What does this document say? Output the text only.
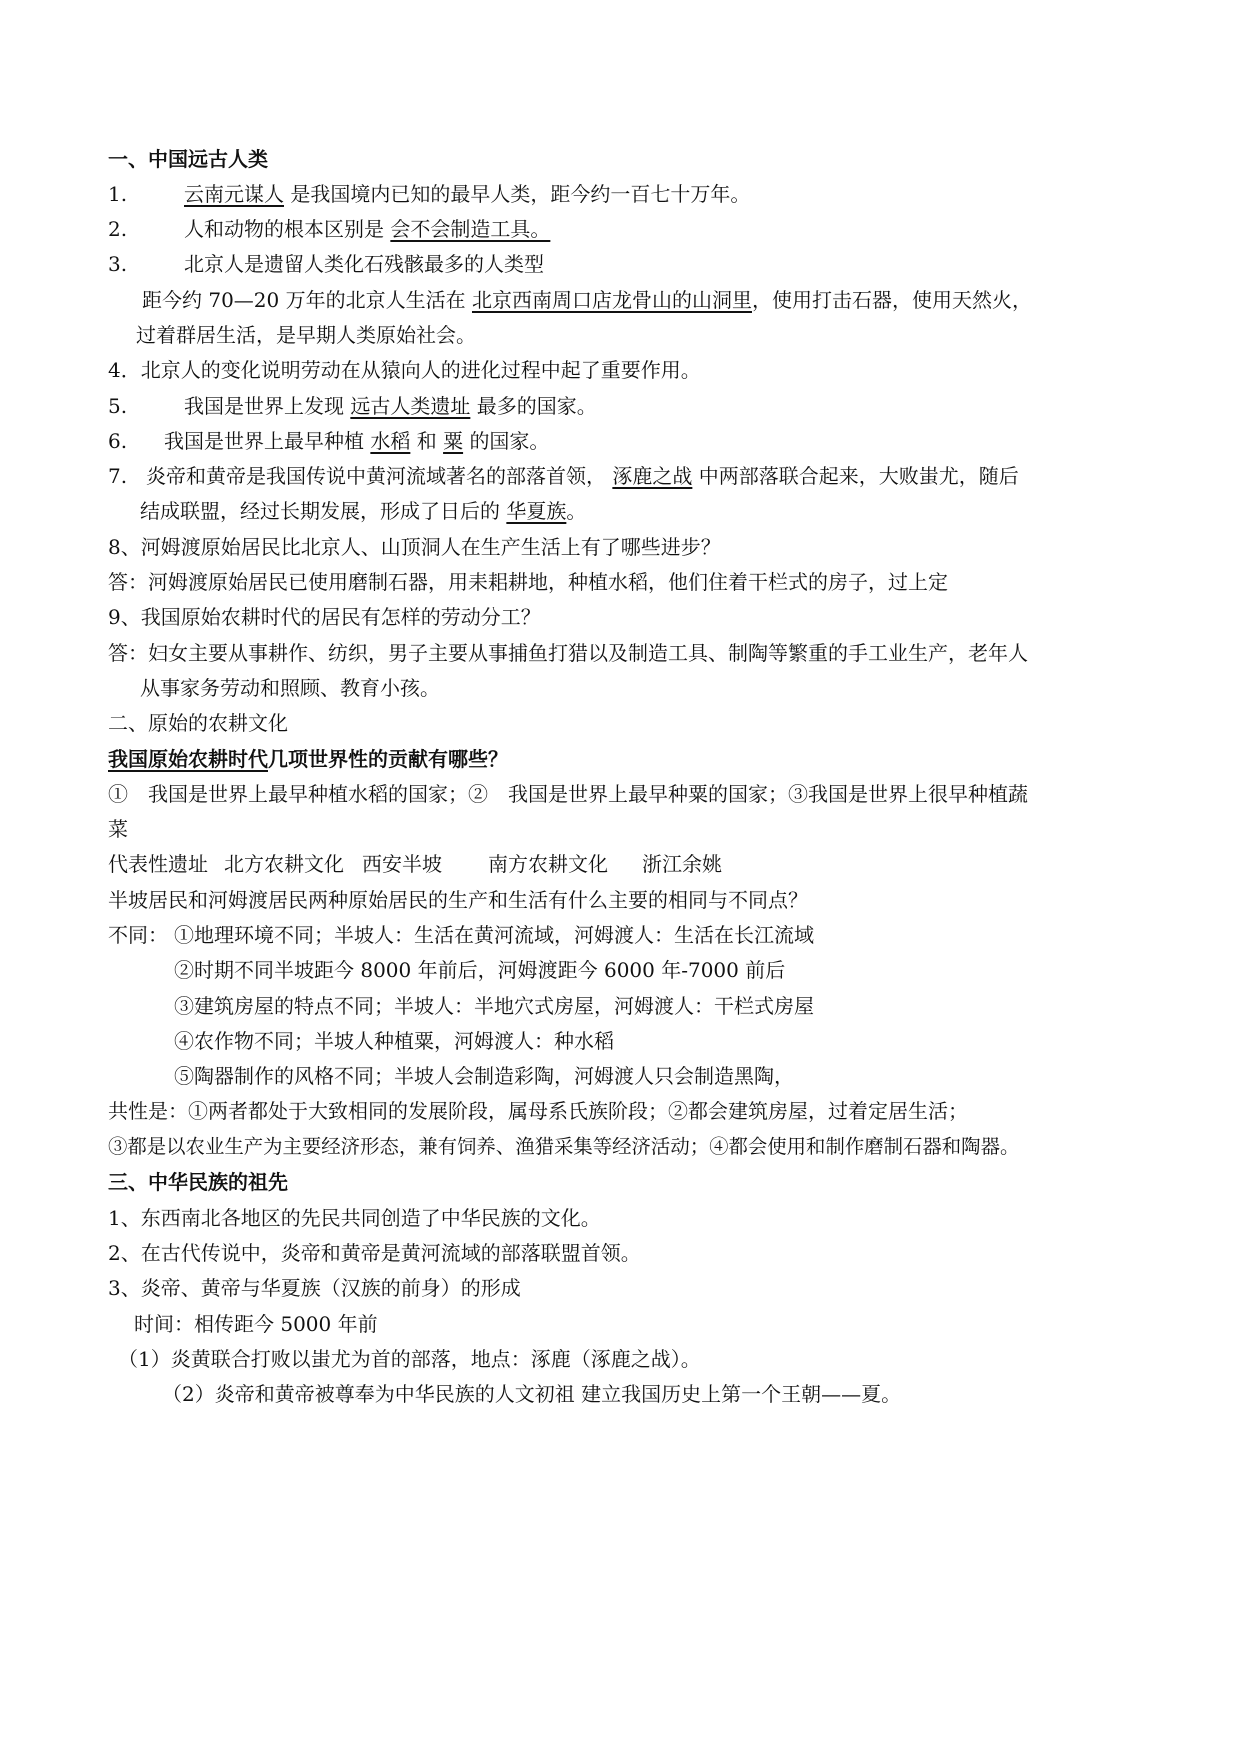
一、中国远古人类
1.	云南元谋人 是我国境内已知的最早人类，距今约一百七十万年。
2.	人和动物的根本区别是 会不会制造工具。
3.	北京人是遗留人类化石残骸最多的人类型
距今约 70—20 万年的北京人生活在 北京西南周口店龙骨山的山洞里，使用打击石器，使用天然火，
过着群居生活，是早期人类原始社会。
4．北京人的变化说明劳动在从猿向人的进化过程中起了重要作用。
5.	我国是世界上发现 远古人类遗址 最多的国家。
6. 我国是世界上最早种植 水稻 和 粟 的国家。
7. 炎帝和黄帝是我国传说中黄河流域著名的部落首领， 涿鹿之战 中两部落联合起来，大败蚩尤，随后
结成联盟，经过长期发展，形成了日后的 华夏族。
8、河姆渡原始居民比北京人、山顶洞人在生产生活上有了哪些进步？
答：河姆渡原始居民已使用磨制石器，用耒耜耕地，种植水稻，他们住着干栏式的房子，过上定
9、我国原始农耕时代的居民有怎样的劳动分工？
答：妇女主要从事耕作、纺织，男子主要从事捕鱼打猎以及制造工具、制陶等繁重的手工业生产，老年人
从事家务劳动和照顾、教育小孩。
二、原始的农耕文化
我国原始农耕时代几项世界性的贡献有哪些？
①　我国是世界上最早种植水稻的国家；②　我国是世界上最早种粟的国家；③我国是世界上很早种植蔬
菜
代表性遗址 北方农耕文化 西安半坡 南方农耕文化 浙江余姚
半坡居民和河姆渡居民两种原始居民的生产和生活有什么主要的相同与不同点？
不同： ①地理环境不同；半坡人：生活在黄河流域，河姆渡人：生活在长江流域
②时期不同半坡距今 8000 年前后，河姆渡距今 6000 年-7000 前后
③建筑房屋的特点不同；半坡人：半地穴式房屋，河姆渡人：干栏式房屋
④农作物不同；半坡人种植粟，河姆渡人：种水稻
⑤陶器制作的风格不同；半坡人会制造彩陶，河姆渡人只会制造黑陶，
共性是：①两者都处于大致相同的发展阶段，属母系氏族阶段；②都会建筑房屋，过着定居生活；
③都是以农业生产为主要经济形态，兼有饲养、渔猎采集等经济活动；④都会使用和制作磨制石器和陶器。
三、中华民族的祖先
1、东西南北各地区的先民共同创造了中华民族的文化。
2、在古代传说中，炎帝和黄帝是黄河流域的部落联盟首领。
3、炎帝、黄帝与华夏族（汉族的前身）的形成
时间：相传距今 5000 年前
（1）炎黄联合打败以蚩尤为首的部落，地点：涿鹿（涿鹿之战）。
（2）炎帝和黄帝被尊奉为中华民族的人文初祖 建立我国历史上第一个王朝——夏。
